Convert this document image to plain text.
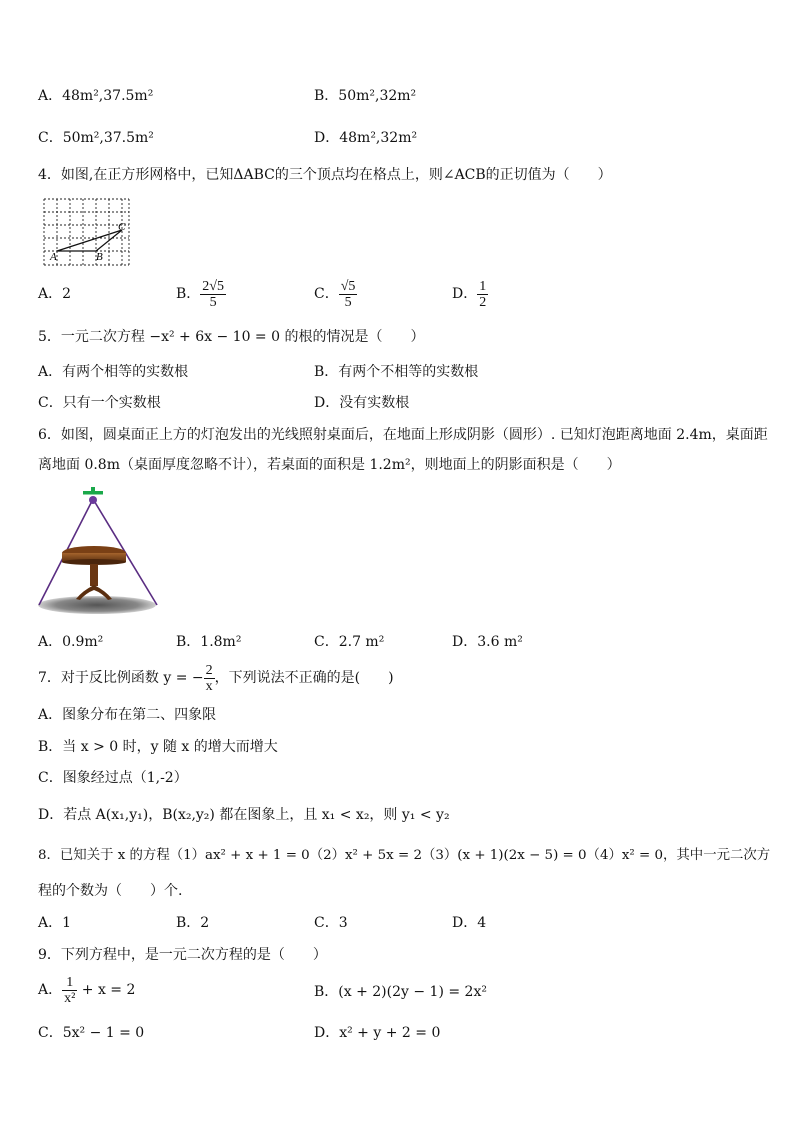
A．48m²,37.5m²	B．50m²,32m²
C．50m²,37.5m²	D．48m²,32m²
4．如图,在正方形网格中，已知ΔABC的三个顶点均在格点上，则∠ACB的正切值为（　　）
A	B
C
A．2	B． $\frac{2√5}{5}$	C． $\frac{√5}{5}$	D． $\frac{1}{2}$
5．一元二次方程 −x² + 6x − 10 = 0 的根的情况是（　　）
A．有两个相等的实数根	B．有两个不相等的实数根
C．只有一个实数根	D．没有实数根
6．如图，圆桌面正上方的灯泡发出的光线照射桌面后，在地面上形成阴影（圆形）. 已知灯泡距离地面 2.4m，桌面距
离地面 0.8m（桌面厚度忽略不计），若桌面的面积是 1.2m²，则地面上的阴影面积是（　　）
A．0.9m²	B．1.8m²	C．2.7 m²	D．3.6 m²
7．对于反比例函数 y = − $\frac{2}{x}$ ，下列说法不正确的是(　　)
A．图象分布在第二、四象限
B．当 x > 0 时，y 随 x 的增大而增大
C．图象经过点（1,-2）
D．若点 A(x₁,y₁)，B(x₂,y₂) 都在图象上，且 x₁ < x₂，则 y₁ < y₂
8．已知关于 x 的方程（1）ax² + x + 1 = 0（2）x² + 5x = 2（3）(x + 1)(2x − 5) = 0（4）x² = 0，其中一元二次方
程的个数为（　　）个.
A．1	B．2	C．3	D．4
9．下列方程中，是一元二次方程的是（　　）
A． $\frac{1}{\text{x²}} + x = 2$	B．(x + 2)(2y − 1) = 2x²
C．5x² − 1 = 0	D．x² + y + 2 = 0
